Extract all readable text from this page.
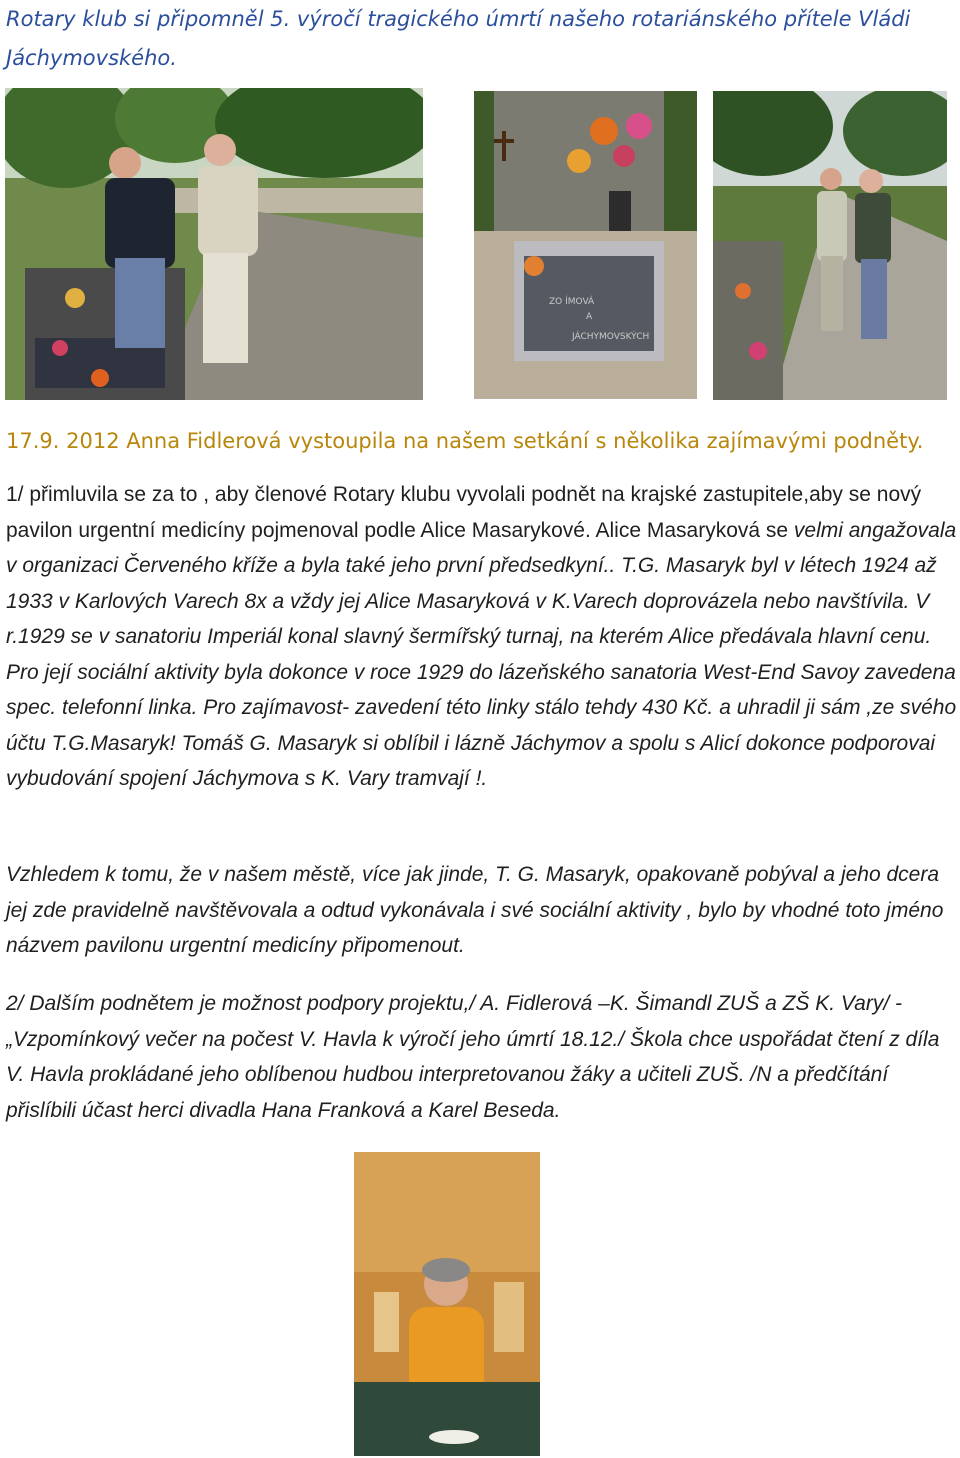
Rotary klub si připomněl 5. výročí tragického úmrtí našeho rotariánského přítele Vládi
Jáchymovského.

ZO ÍMOVÁ
A
JÁCHYMOVSKÝCH

17.9. 2012 Anna Fidlerová vystoupila na našem setkání s několika zajímavými podněty.

1/ přimluvila se za to , aby členové Rotary klubu vyvolali podnět na krajské zastupitele,aby se nový pavilon urgentní medicíny pojmenoval podle Alice Masarykové. Alice Masaryková se velmi angažovala v organizaci Červeného kříže a byla také jeho první předsedkyní.. T.G. Masaryk byl v létech 1924 až 1933 v Karlových Varech 8x a vždy jej Alice Masaryková v K.Varech doprovázela nebo navštívila. V r.1929 se v sanatoriu Imperiál konal slavný šermířský turnaj, na kterém Alice předávala hlavní cenu. Pro její sociální aktivity byla dokonce v roce 1929 do lázeňského sanatoria West-End Savoy zavedena spec. telefonní linka. Pro zajímavost- zavedení této linky stálo tehdy 430 Kč. a uhradil ji sám ,ze svého účtu T.G.Masaryk! Tomáš G. Masaryk si oblíbil i lázně Jáchymov a spolu s Alicí dokonce podporovai vybudování spojení Jáchymova s K. Vary tramvají !.

Vzhledem k tomu, že v našem městě, více jak jinde, T. G. Masaryk, opakovaně pobýval a jeho dcera jej zde pravidelně navštěvovala a odtud vykonávala i své sociální aktivity , bylo by vhodné toto jméno názvem pavilonu urgentní medicíny připomenout.

2/ Dalším podnětem je možnost podpory projektu,/ A. Fidlerová –K. Šimandl ZUŠ a ZŠ K. Vary/ - „Vzpomínkový večer na počest V. Havla k výročí jeho úmrtí 18.12./ Škola chce uspořádat čtení z díla V. Havla prokládané jeho oblíbenou hudbou interpretovanou žáky a učiteli ZUŠ. /N a předčítání přislíbili účast herci divadla Hana Franková a Karel Beseda.
